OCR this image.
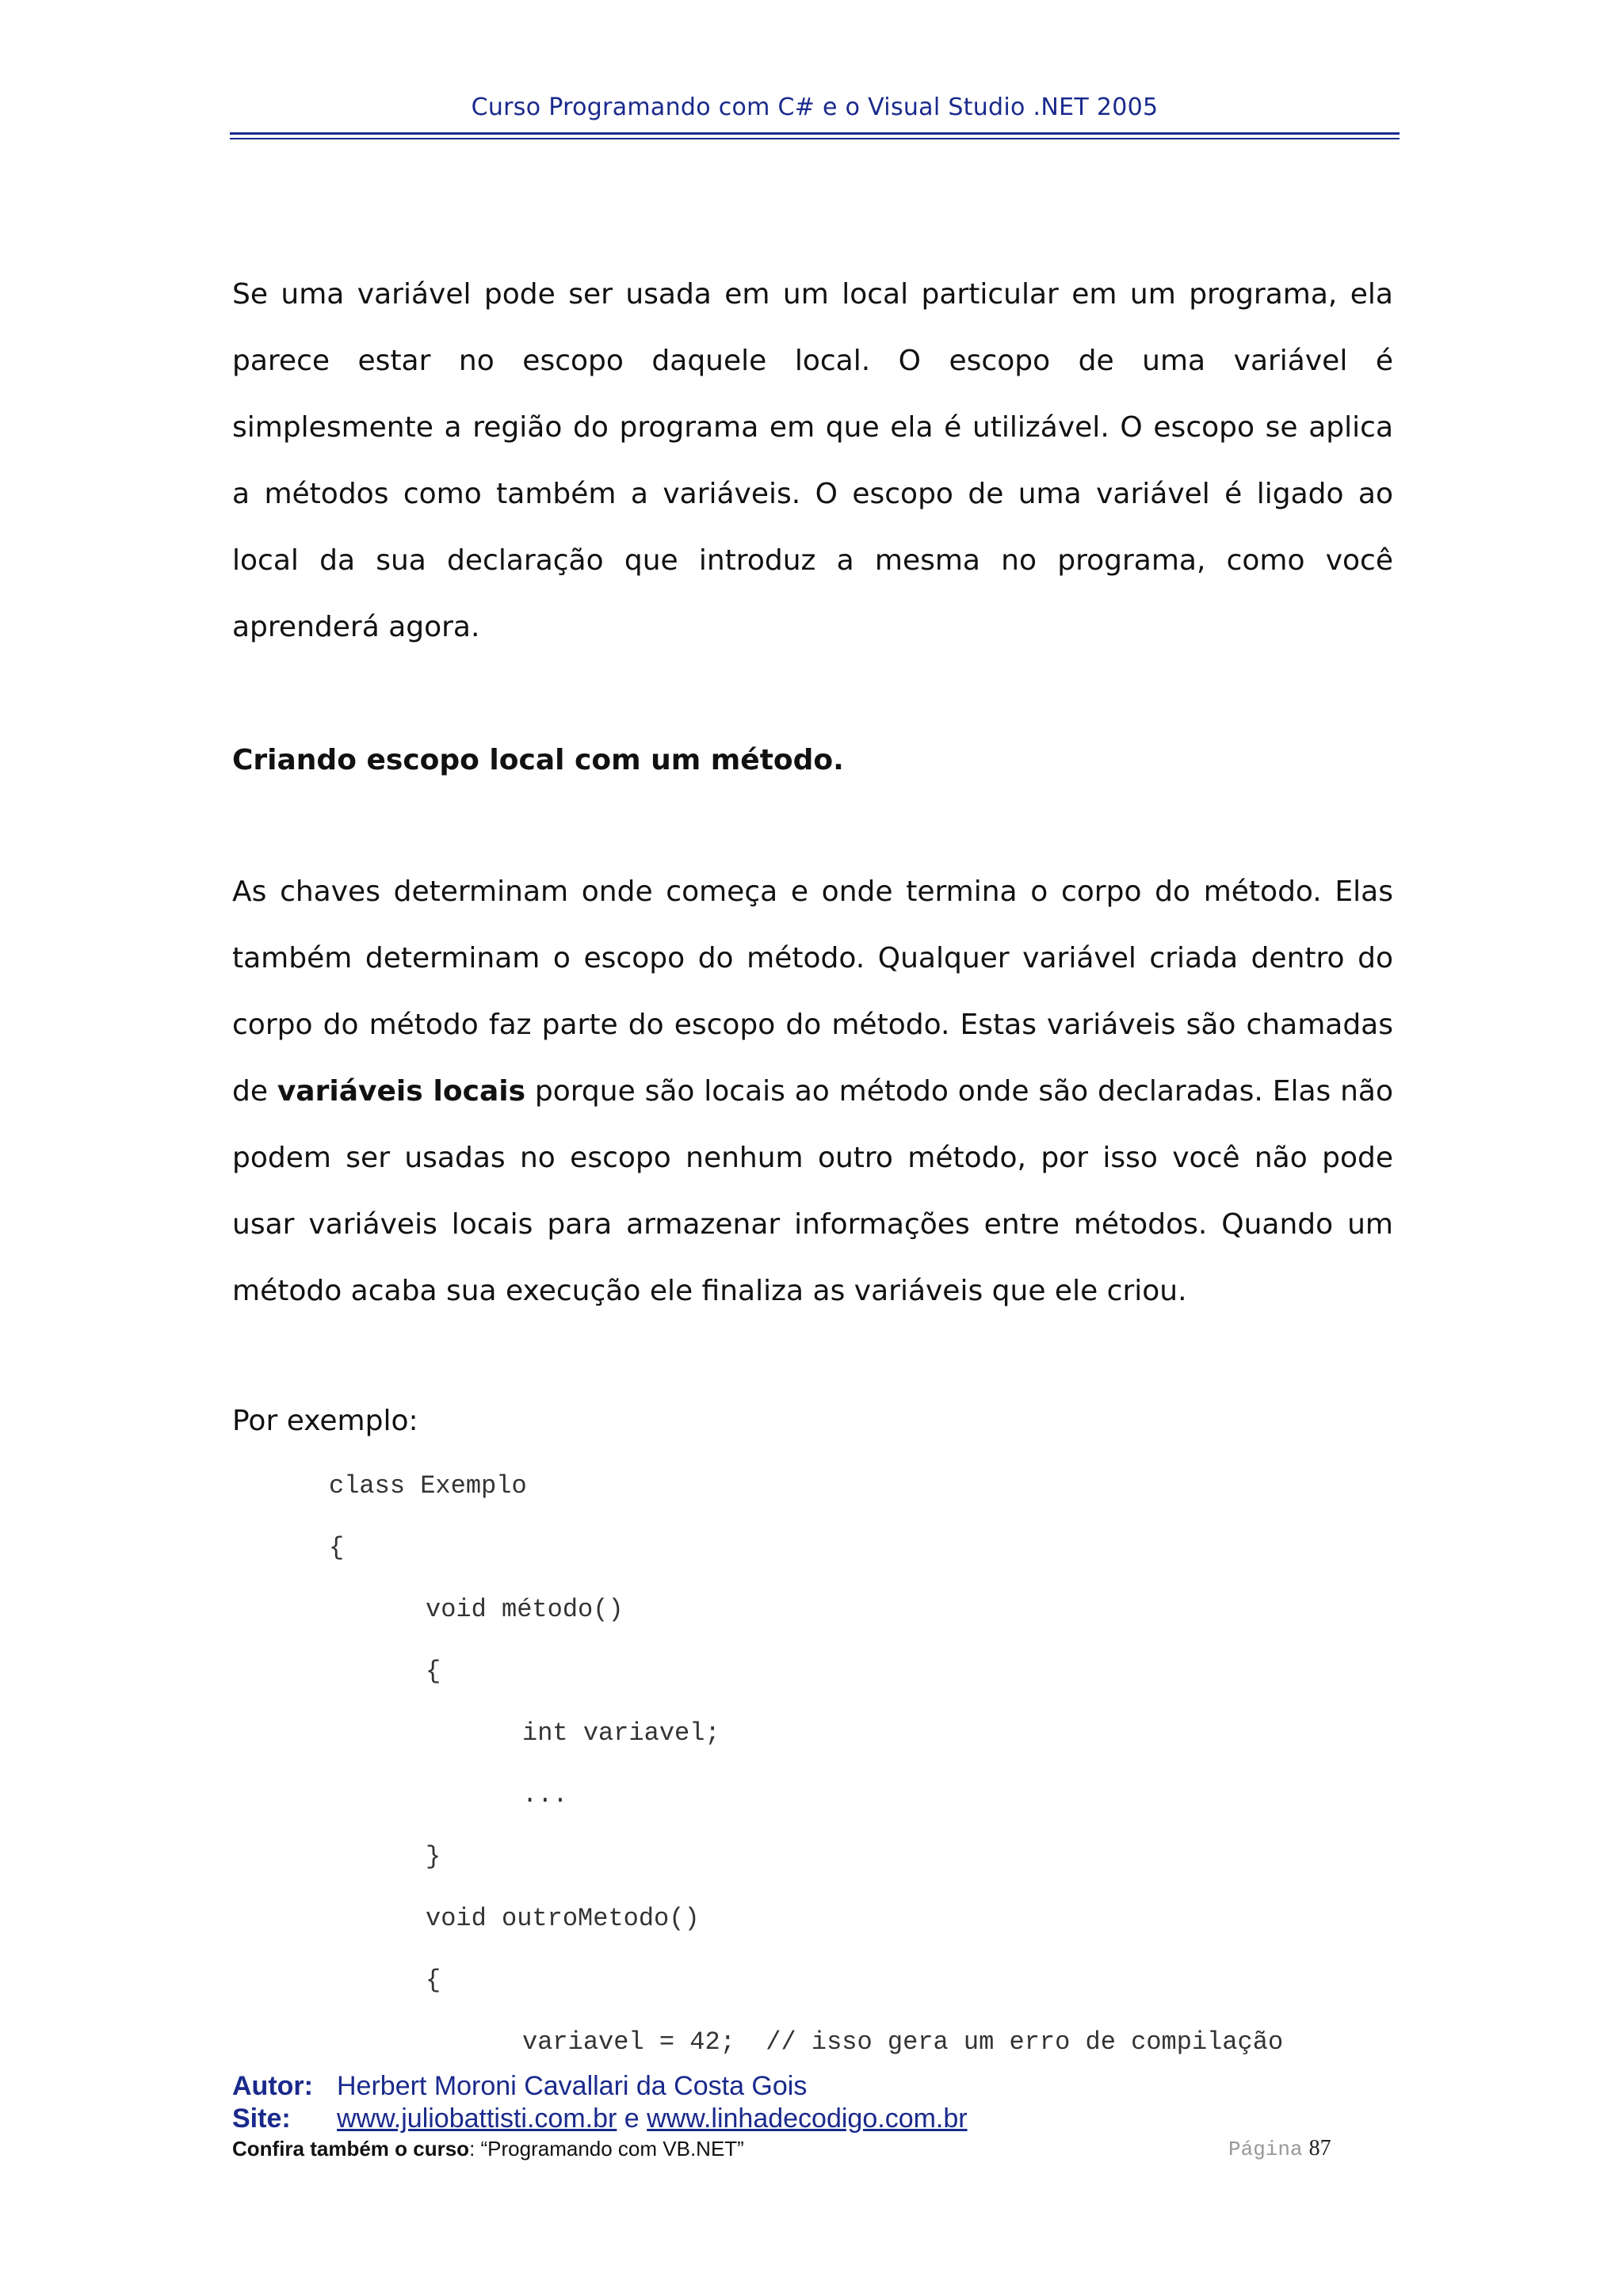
Curso Programando com C# e o Visual Studio .NET 2005

Se uma variável pode ser usada em um local particular em um programa, ela parece estar no escopo daquele local. O escopo de uma variável é simplesmente a região do programa em que ela é utilizável. O escopo se aplica a métodos como também a variáveis. O escopo de uma variável é ligado ao local da sua declaração que introduz a mesma no programa, como você aprenderá agora.

Criando escopo local com um método.

As chaves determinam onde começa e onde termina o corpo do método. Elas também determinam o escopo do método. Qualquer variável criada dentro do corpo do método faz parte do escopo do método. Estas variáveis são chamadas de variáveis locais porque são locais ao método onde são declaradas. Elas não podem ser usadas no escopo nenhum outro método, por isso você não pode usar variáveis locais para armazenar informações entre métodos. Quando um método acaba sua execução ele finaliza as variáveis que ele criou.

Por exemplo:
class Exemplo
{
void método()
{
int variavel;
...
}
void outroMetodo()
{
variavel = 42;  // isso gera um erro de compilação
Autor: Herbert Moroni Cavallari da Costa Gois
Site: www.juliobattisti.com.br e www.linhadecodigo.com.br
Confira também o curso: “Programando com VB.NET”	Página 87
